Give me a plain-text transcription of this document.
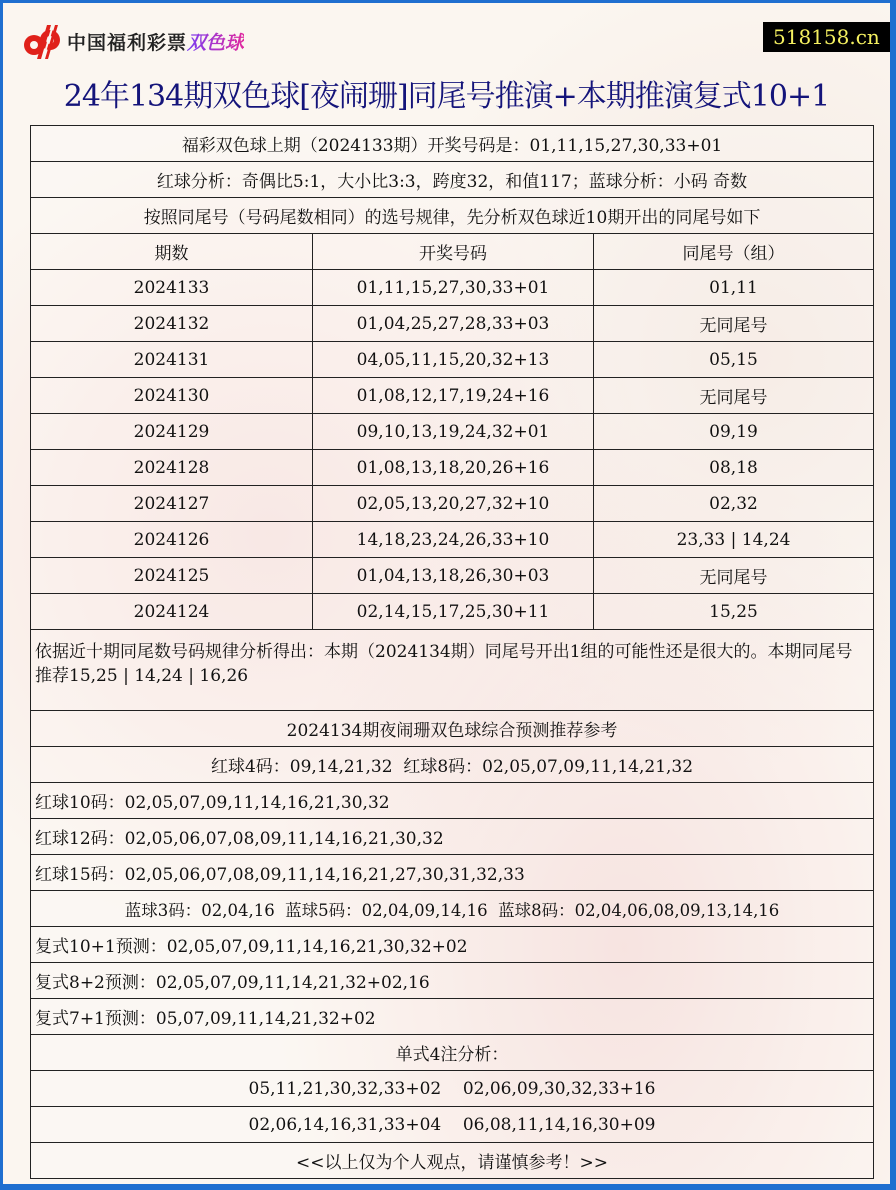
中国福利彩票 双色球	518158.cn
24年134期双色球[夜闹珊]同尾号推演+本期推演复式10+1
福彩双色球上期（2024133期）开奖号码是：01,11,15,27,30,33+01		
红球分析：奇偶比5:1，大小比3:3，跨度32，和值117；蓝球分析：小码 奇数		
按照同尾号（号码尾数相同）的选号规律，先分析双色球近10期开出的同尾号如下		
期数	开奖号码	同尾号（组）
2024133	01,11,15,27,30,33+01	01,11
2024132	01,04,25,27,28,33+03	无同尾号
2024131	04,05,11,15,20,32+13	05,15
2024130	01,08,12,17,19,24+16	无同尾号
2024129	09,10,13,19,24,32+01	09,19
2024128	01,08,13,18,20,26+16	08,18
2024127	02,05,13,20,27,32+10	02,32
2024126	14,18,23,24,26,33+10	23,33 | 14,24
2024125	01,04,13,18,26,30+03	无同尾号
2024124	02,14,15,17,25,30+11	15,25
依据近十期同尾数号码规律分析得出：本期（2024134期）同尾号开出1组的可能性还是很大的。本期同尾号推荐15,25 | 14,24 | 16,26		
2024134期夜闹珊双色球综合预测推荐参考		
红球4码：09,14,21,32  红球8码：02,05,07,09,11,14,21,32		
红球10码：02,05,07,09,11,14,16,21,30,32		
红球12码：02,05,06,07,08,09,11,14,16,21,30,32		
红球15码：02,05,06,07,08,09,11,14,16,21,27,30,31,32,33		
蓝球3码：02,04,16  蓝球5码：02,04,09,14,16  蓝球8码：02,04,06,08,09,13,14,16		
复式10+1预测：02,05,07,09,11,14,16,21,30,32+02		
复式8+2预测：02,05,07,09,11,14,21,32+02,16		
复式7+1预测：05,07,09,11,14,21,32+02		
单式4注分析：		
05,11,21,30,32,33+02    02,06,09,30,32,33+16		
02,06,14,16,31,33+04    06,08,11,14,16,30+09		
<<以上仅为个人观点，请谨慎参考！>>		
